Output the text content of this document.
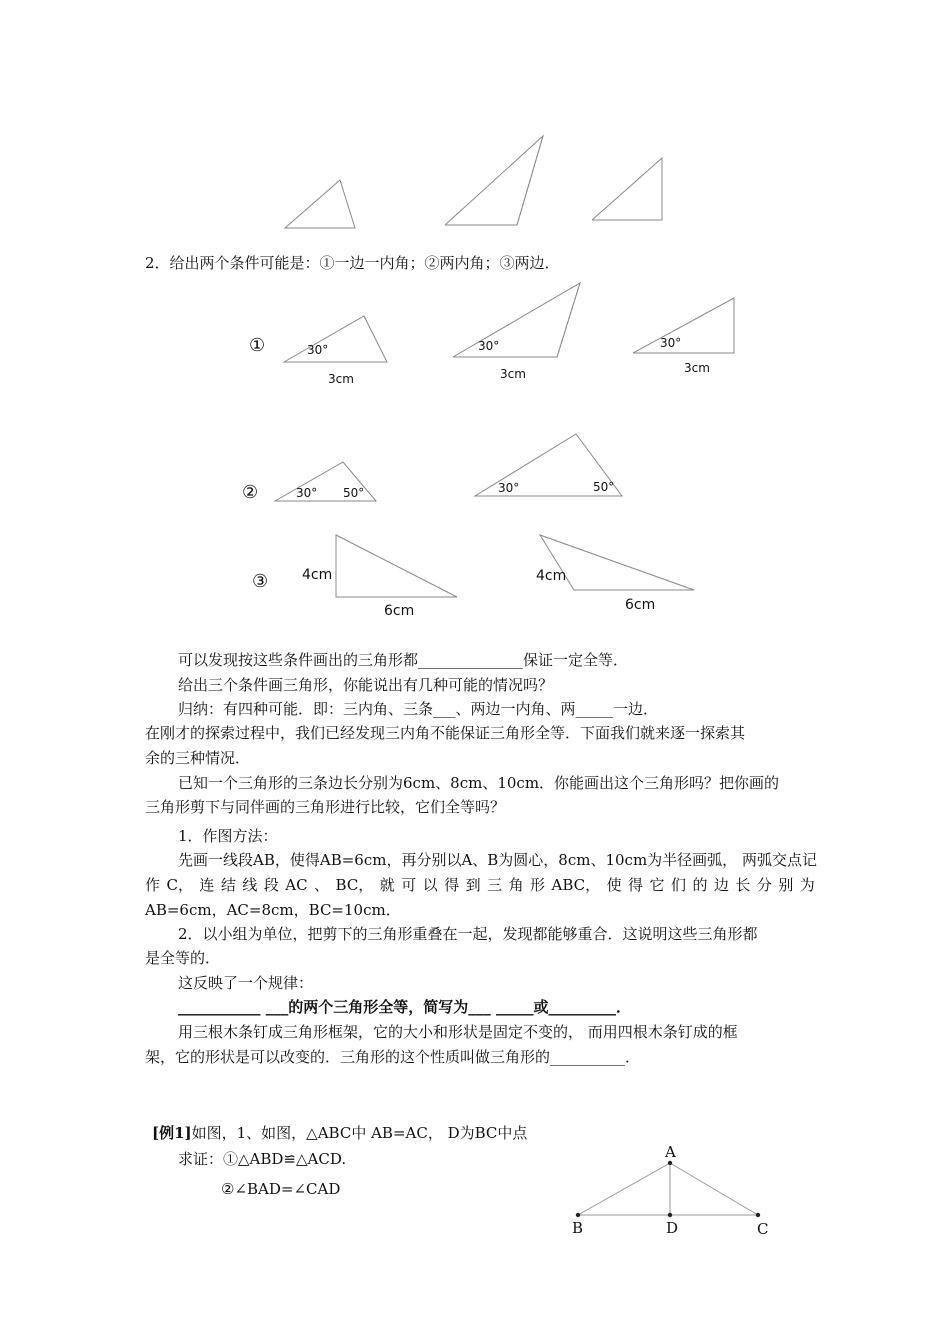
2．给出两个条件可能是：①一边一内角；②两内角；③两边．
①	30°	30°	30°
3cm	3cm	3cm
②	30° 50°	30°	50°
③ 4cm
6cm
4cm
6cm
可以发现按这些条件画出的三角形都______________保证一定全等．
给出三个条件画三角形，你能说出有几种可能的情况吗？
归纳：有四种可能．即：三内角、三条___、两边一内角、两_____一边．
在刚才的探索过程中，我们已经发现三内角不能保证三角形全等．下面我们就来逐一探索其
余的三种情况．
已知一个三角形的三条边长分别为6cm、8cm、10cm．你能画出这个三角形吗？把你画的
三角形剪下与同伴画的三角形进行比较，它们全等吗？
1．作图方法：
先画一线段AB，使得AB=6cm，再分别以A、B为圆心，8cm、10cm为半径画弧， 两弧交点记
作 C， 连 结 线 段 AC 、 BC， 就 可 以 得 到 三 角 形 ABC， 使 得 它 们 的 边 长 分 别 为
AB=6cm，AC=8cm，BC=10cm．
2．以小组为单位，把剪下的三角形重叠在一起，发现都能够重合．这说明这些三角形都
是全等的．
这反映了一个规律：
___________ ___的两个三角形全等，简写为___ _____或_________．
用三根木条钉成三角形框架，它的大小和形状是固定不变的， 而用四根木条钉成的框
架，它的形状是可以改变的．三角形的这个性质叫做三角形的__________．
[例1]如图，1、如图，△ABC中 AB=AC， D为BC中点
求证：①△ABD≌△ACD.
②∠BAD=∠CAD
A
B	D	C
